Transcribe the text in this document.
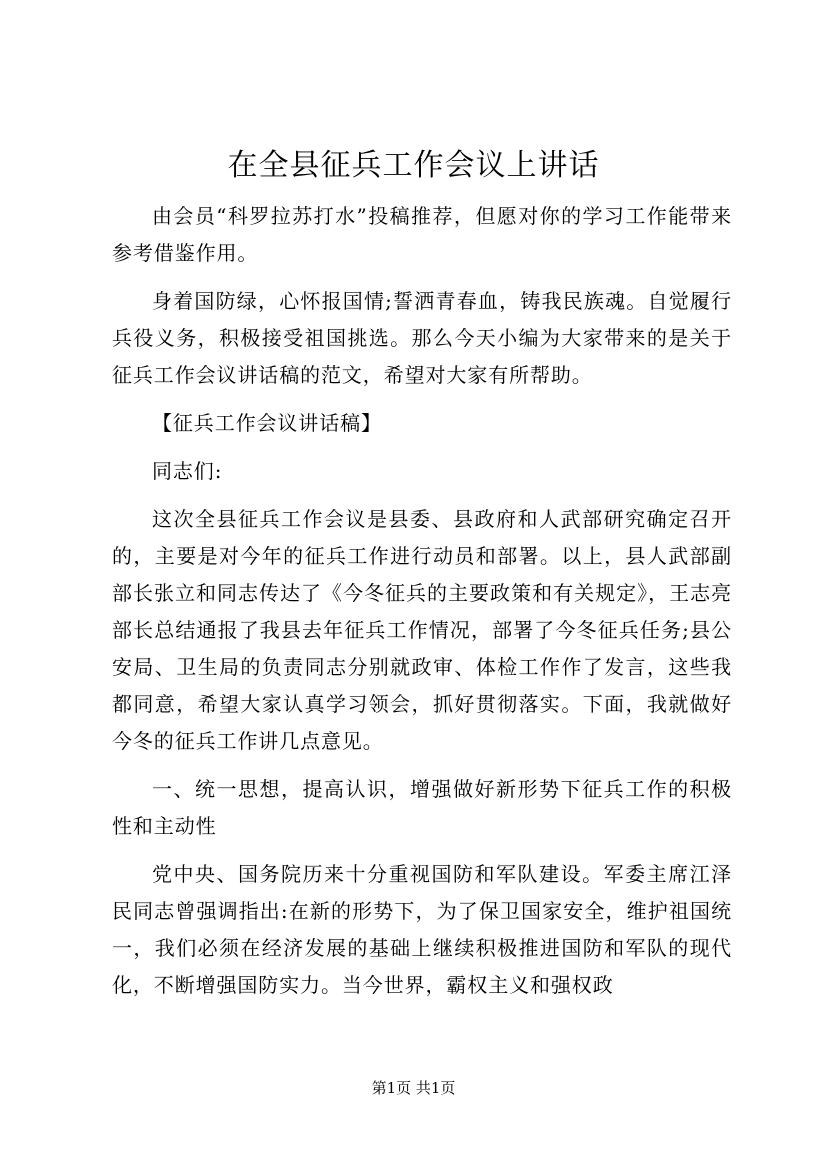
在全县征兵工作会议上讲话

由会员“科罗拉苏打水”投稿推荐，但愿对你的学习工作能带来参考借鉴作用。

身着国防绿，心怀报国情;誓洒青春血，铸我民族魂。自觉履行兵役义务，积极接受祖国挑选。那么今天小编为大家带来的是关于征兵工作会议讲话稿的范文，希望对大家有所帮助。

【征兵工作会议讲话稿】

同志们:

这次全县征兵工作会议是县委、县政府和人武部研究确定召开的，主要是对今年的征兵工作进行动员和部署。以上，县人武部副部长张立和同志传达了《今冬征兵的主要政策和有关规定》，王志亮部长总结通报了我县去年征兵工作情况，部署了今冬征兵任务;县公安局、卫生局的负责同志分别就政审、体检工作作了发言，这些我都同意，希望大家认真学习领会，抓好贯彻落实。下面，我就做好今冬的征兵工作讲几点意见。

一、统一思想，提高认识，增强做好新形势下征兵工作的积极性和主动性

党中央、国务院历来十分重视国防和军队建设。军委主席江泽民同志曾强调指出:在新的形势下，为了保卫国家安全，维护祖国统一，我们必须在经济发展的基础上继续积极推进国防和军队的现代化，不断增强国防实力。当今世界，霸权主义和强权政

第1页 共1页
